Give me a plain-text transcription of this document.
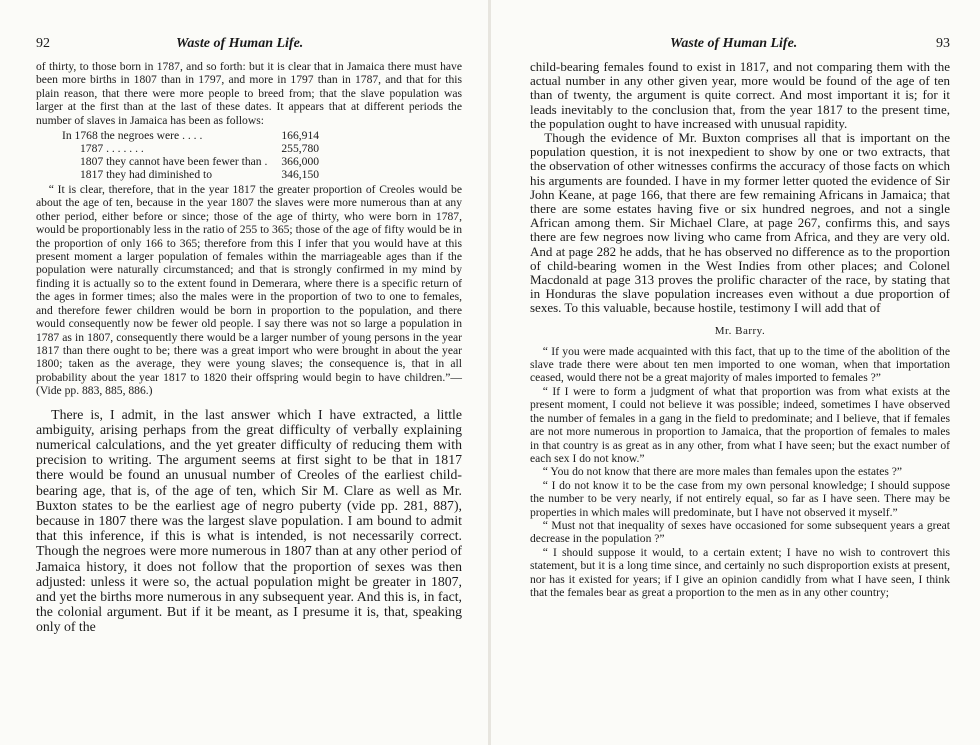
92	Waste of Human Life.

of thirty, to those born in 1787, and so forth: but it is clear that in Jamaica there must have been more births in 1807 than in 1797, and more in 1797 than in 1787, and that for this plain reason, that there were more people to breed from; that the slave population was larger at the first than at the last of these dates. It appears that at different periods the number of slaves in Jamaica has been as follows:

In 1768 the negroes were . . . .	166,914
1787 . . . . . . .	255,780
1807 they cannot have been fewer than .	366,000
1817 they had diminished to	346,150

“ It is clear, therefore, that in the year 1817 the greater proportion of Creoles would be about the age of ten, because in the year 1807 the slaves were more numerous than at any other period, either before or since; those of the age of thirty, who were born in 1787, would be proportionably less in the ratio of 255 to 365; those of the age of fifty would be in the proportion of only 166 to 365; therefore from this I infer that you would have at this present moment a larger population of females within the marriageable ages than if the population were naturally circumstanced; and that is strongly confirmed in my mind by finding it is actually so to the extent found in Demerara, where there is a specific return of the ages in former times; also the males were in the proportion of two to one to females, and therefore fewer children would be born in proportion to the population, and there would consequently now be fewer old people. I say there was not so large a population in 1787 as in 1807, consequently there would be a larger number of young persons in the year 1817 than there ought to be; there was a great import who were brought in about the year 1800; taken as the average, they were young slaves; the consequence is, that in all probability about the year 1817 to 1820 their offspring would begin to have children.”—(Vide pp. 883, 885, 886.)

There is, I admit, in the last answer which I have extracted, a little ambiguity, arising perhaps from the great difficulty of verbally explaining numerical calculations, and the yet greater difficulty of reducing them with precision to writing. The argument seems at first sight to be that in 1817 there would be found an unusual number of Creoles of the earliest child-bearing age, that is, of the age of ten, which Sir M. Clare as well as Mr. Buxton states to be the earliest age of negro puberty (vide pp. 281, 887), because in 1807 there was the largest slave population. I am bound to admit that this inference, if this is what is intended, is not necessarily correct. Though the negroes were more numerous in 1807 than at any other period of Jamaica history, it does not follow that the proportion of sexes was then adjusted: unless it were so, the actual population might be greater in 1807, and yet the births more numerous in any subsequent year. And this is, in fact, the colonial argument. But if it be meant, as I presume it is, that, speaking only of the

Waste of Human Life.	93

child-bearing females found to exist in 1817, and not comparing them with the actual number in any other given year, more would be found of the age of ten than of twenty, the argument is quite correct. And most important it is; for it leads inevitably to the conclusion that, from the year 1817 to the present time, the population ought to have increased with unusual rapidity.

Though the evidence of Mr. Buxton comprises all that is important on the population question, it is not inexpedient to show by one or two extracts, that the observation of other witnesses confirms the accuracy of those facts on which his arguments are founded. I have in my former letter quoted the evidence of Sir John Keane, at page 166, that there are few remaining Africans in Jamaica; that there are some estates having five or six hundred negroes, and not a single African among them. Sir Michael Clare, at page 267, confirms this, and says there are few negroes now living who came from Africa, and they are very old. And at page 282 he adds, that he has observed no difference as to the proportion of child-bearing women in the West Indies from other places; and Colonel Macdonald at page 313 proves the prolific character of the race, by stating that in Honduras the slave population increases even without a due proportion of sexes. To this valuable, because hostile, testimony I will add that of

Mr. Barry.

“ If you were made acquainted with this fact, that up to the time of the abolition of the slave trade there were about ten men imported to one woman, when that importation ceased, would there not be a great majority of males imported to females ?”

“ If I were to form a judgment of what that proportion was from what exists at the present moment, I could not believe it was possible; indeed, sometimes I have observed the number of females in a gang in the field to predominate; and I believe, that if females are not more numerous in proportion to Jamaica, that the proportion of females to males in that country is as great as in any other, from what I have seen; but the exact number of each sex I do not know.”

“ You do not know that there are more males than females upon the estates ?”

“ I do not know it to be the case from my own personal knowledge; I should suppose the number to be very nearly, if not entirely equal, so far as I have seen. There may be properties in which males will predominate, but I have not observed it myself.”

“ Must not that inequality of sexes have occasioned for some subsequent years a great decrease in the population ?”

“ I should suppose it would, to a certain extent; I have no wish to controvert this statement, but it is a long time since, and certainly no such disproportion exists at present, nor has it existed for years; if I give an opinion candidly from what I have seen, I think that the females bear as great a proportion to the men as in any other country;
